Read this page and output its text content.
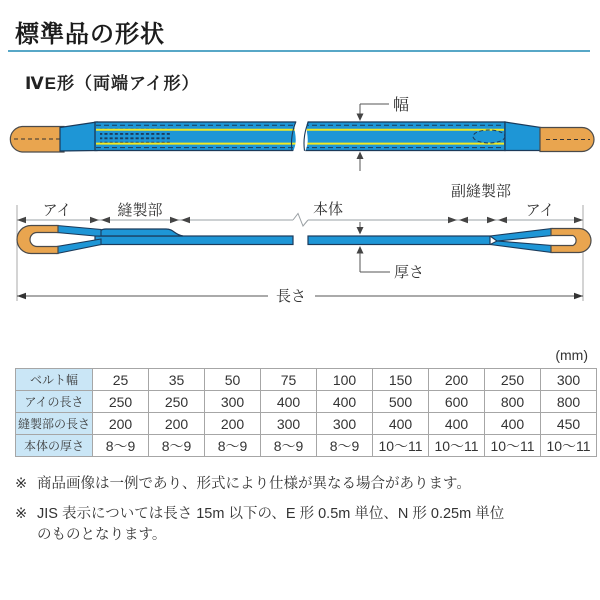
標準品の形状
ⅣE形（両端アイ形）
幅
アイ	縫製部	本体
副縫製部
アイ
厚さ
長さ
(mm)
ベルト幅	25	35	50	75	100	150	200	250	300
アイの長さ	250	250	300	400	400	500	600	800	800
縫製部の長さ	200	200	200	300	300	400	400	400	450
本体の厚さ	8～9	8～9	8～9	8～9	8～9	10～11	10～11	10～11	10～11
※ 商品画像は一例であり、形式により仕様が異なる場合があります。
※ JIS 表示については長さ 15m 以下の、E 形 0.5m 単位、N 形 0.25m 単位
のものとなります。
